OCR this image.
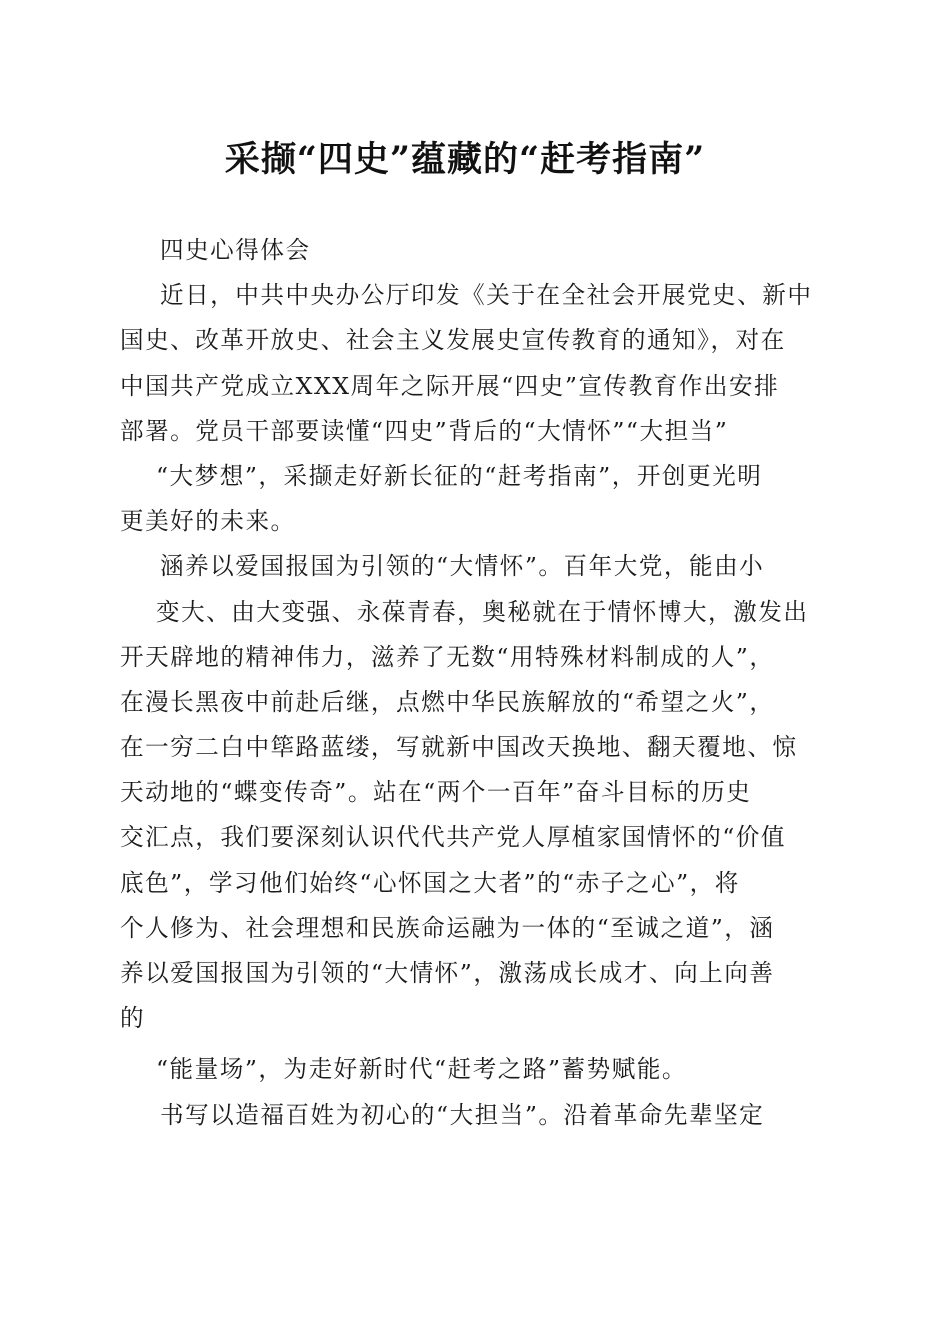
采撷“四史”蕴藏的“赶考指南”
四史心得体会
近日，中共中央办公厅印发《关于在全社会开展党史、新中
国史、改革开放史、社会主义发展史宣传教育的通知》，对在
中国共产党成立XXX周年之际开展“四史”宣传教育作出安排
部署。党员干部要读懂“四史”背后的“大情怀”“大担当”
“大梦想”，采撷走好新长征的“赶考指南”，开创更光明
更美好的未来。
涵养以爱国报国为引领的“大情怀”。百年大党，能由小
变大、由大变强、永葆青春，奥秘就在于情怀博大，激发出
开天辟地的精神伟力，滋养了无数“用特殊材料制成的人”，
在漫长黑夜中前赴后继，点燃中华民族解放的“希望之火”，
在一穷二白中筚路蓝缕，写就新中国改天换地、翻天覆地、惊
天动地的“蝶变传奇”。站在“两个一百年”奋斗目标的历史
交汇点，我们要深刻认识代代共产党人厚植家国情怀的“价值
底色”，学习他们始终“心怀国之大者”的“赤子之心”，将
个人修为、社会理想和民族命运融为一体的“至诚之道”，涵
养以爱国报国为引领的“大情怀”，激荡成长成才、向上向善
的
“能量场”，为走好新时代“赶考之路”蓄势赋能。
书写以造福百姓为初心的“大担当”。沿着革命先辈坚定
